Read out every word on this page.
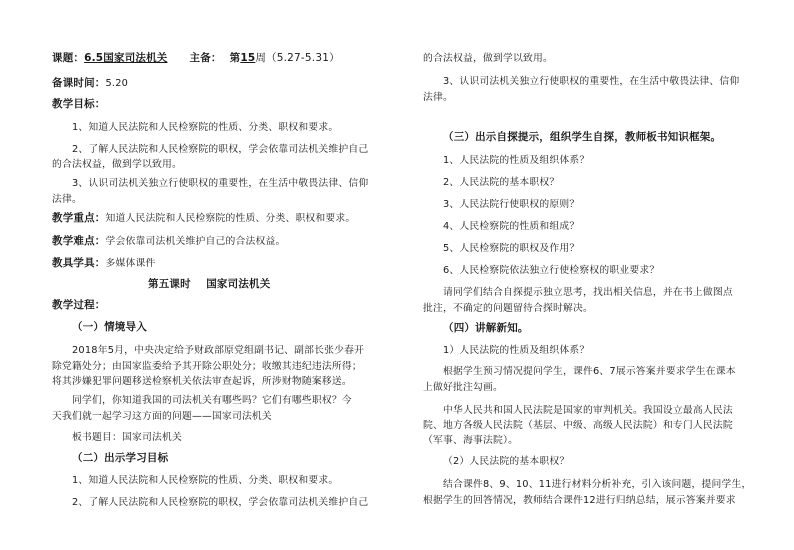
课题：6.5国家司法机关 主备： 第15周（5.27-5.31）
备课时间：5.20
教学目标：
1、知道人民法院和人民检察院的性质、分类、职权和要求。
2、了解人民法院和人民检察院的职权，学会依靠司法机关维护自己
的合法权益，做到学以致用。
3、认识司法机关独立行使职权的重要性，在生活中敬畏法律、信仰
法律。
教学重点：知道人民法院和人民检察院的性质、分类、职权和要求。
教学难点：学会依靠司法机关维护自己的合法权益。
教具学具：多媒体课件
第五课时    国家司法机关
教学过程：
（一）情境导入
2018年5月，中央决定给予财政部原党组副书记、副部长张少春开
除党籍处分；由国家监委给予其开除公职处分；收缴其违纪违法所得；
将其涉嫌犯罪问题移送检察机关依法审查起诉，所涉财物随案移送。
同学们，你知道我国的司法机关有哪些吗？它们有哪些职权？今
天我们就一起学习这方面的问题——国家司法机关
板书题目：国家司法机关
（二）出示学习目标
1、知道人民法院和人民检察院的性质、分类、职权和要求。
2、了解人民法院和人民检察院的职权，学会依靠司法机关维护自己
的合法权益，做到学以致用。
3、认识司法机关独立行使职权的重要性，在生活中敬畏法律、信仰
法律。
（三）出示自探提示，组织学生自探，教师板书知识框架。
1、人民法院的性质及组织体系？
2、人民法院的基本职权？
3、人民法院行使职权的原则？
4、人民检察院的性质和组成？
5、人民检察院的职权及作用？
6、人民检察院依法独立行使检察权的职业要求？
请同学们结合自探提示独立思考，找出相关信息，并在书上做图点
批注，不确定的问题留待合探时解决。
（四）讲解新知。
1）人民法院的性质及组织体系？
根据学生预习情况提问学生，课件6、7展示答案并要求学生在课本
上做好批注勾画。
中华人民共和国人民法院是国家的审判机关。我国设立最高人民法
院、地方各级人民法院（基层、中级、高级人民法院）和专门人民法院
（军事、海事法院）。
（2）人民法院的基本职权？
结合课件8、9、10、11进行材料分析补充，引入该问题，提问学生，
根据学生的回答情况，教师结合课件12进行归纳总结，展示答案并要求
